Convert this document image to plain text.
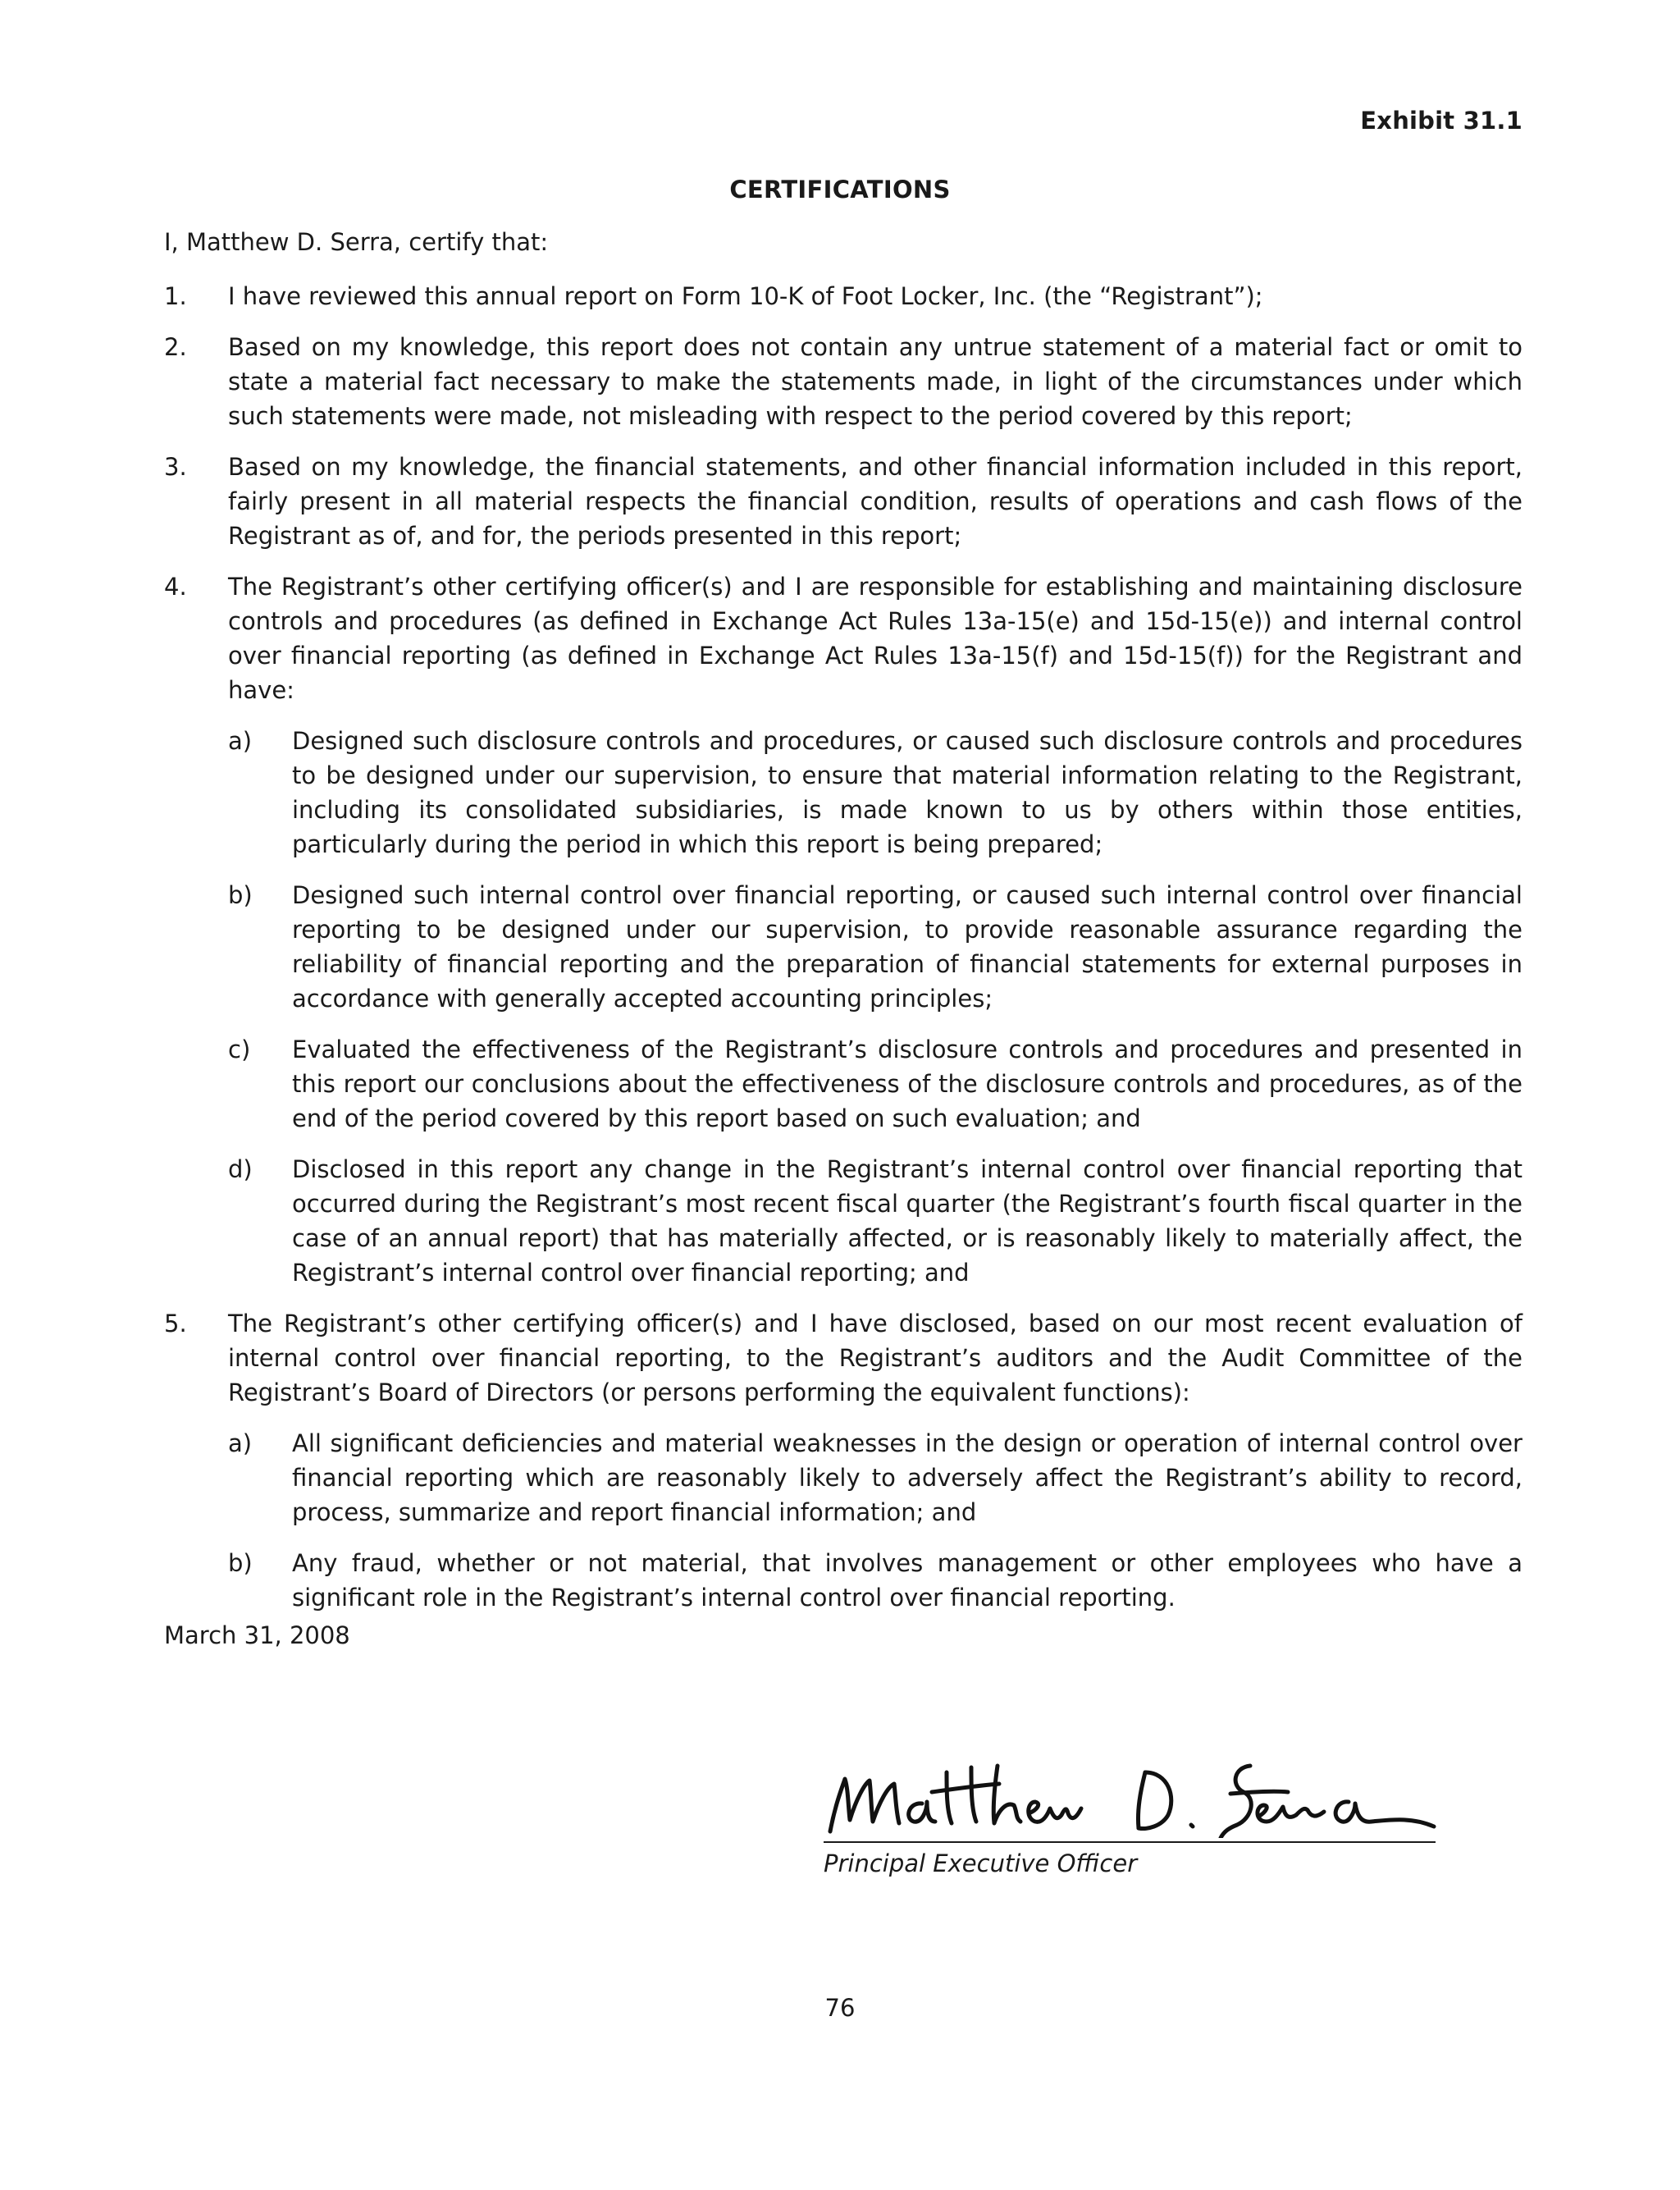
Exhibit 31.1
CERTIFICATIONS
I, Matthew D. Serra, certify that:
1. I have reviewed this annual report on Form 10-K of Foot Locker, Inc. (the “Registrant”);
2. Based on my knowledge, this report does not contain any untrue statement of a material fact or omit to state a material fact necessary to make the statements made, in light of the circumstances under which such statements were made, not misleading with respect to the period covered by this report;
3. Based on my knowledge, the financial statements, and other financial information included in this report, fairly present in all material respects the financial condition, results of operations and cash flows of the Registrant as of, and for, the periods presented in this report;
4. The Registrant’s other certifying officer(s) and I are responsible for establishing and maintaining disclosure controls and procedures (as defined in Exchange Act Rules 13a-15(e) and 15d-15(e)) and internal control over financial reporting (as defined in Exchange Act Rules 13a-15(f) and 15d-15(f)) for the Registrant and have:
a) Designed such disclosure controls and procedures, or caused such disclosure controls and procedures to be designed under our supervision, to ensure that material information relating to the Registrant, including its consolidated subsidiaries, is made known to us by others within those entities, particularly during the period in which this report is being prepared;
b) Designed such internal control over financial reporting, or caused such internal control over financial reporting to be designed under our supervision, to provide reasonable assurance regarding the reliability of financial reporting and the preparation of financial statements for external purposes in accordance with generally accepted accounting principles;
c) Evaluated the effectiveness of the Registrant’s disclosure controls and procedures and presented in this report our conclusions about the effectiveness of the disclosure controls and procedures, as of the end of the period covered by this report based on such evaluation; and
d) Disclosed in this report any change in the Registrant’s internal control over financial reporting that occurred during the Registrant’s most recent fiscal quarter (the Registrant’s fourth fiscal quarter in the case of an annual report) that has materially affected, or is reasonably likely to materially affect, the Registrant’s internal control over financial reporting; and
5. The Registrant’s other certifying officer(s) and I have disclosed, based on our most recent evaluation of internal control over financial reporting, to the Registrant’s auditors and the Audit Committee of the Registrant’s Board of Directors (or persons performing the equivalent functions):
a) All significant deficiencies and material weaknesses in the design or operation of internal control over financial reporting which are reasonably likely to adversely affect the Registrant’s ability to record, process, summarize and report financial information; and
b) Any fraud, whether or not material, that involves management or other employees who have a significant role in the Registrant’s internal control over financial reporting.
March 31, 2008
Principal Executive Officer
76
